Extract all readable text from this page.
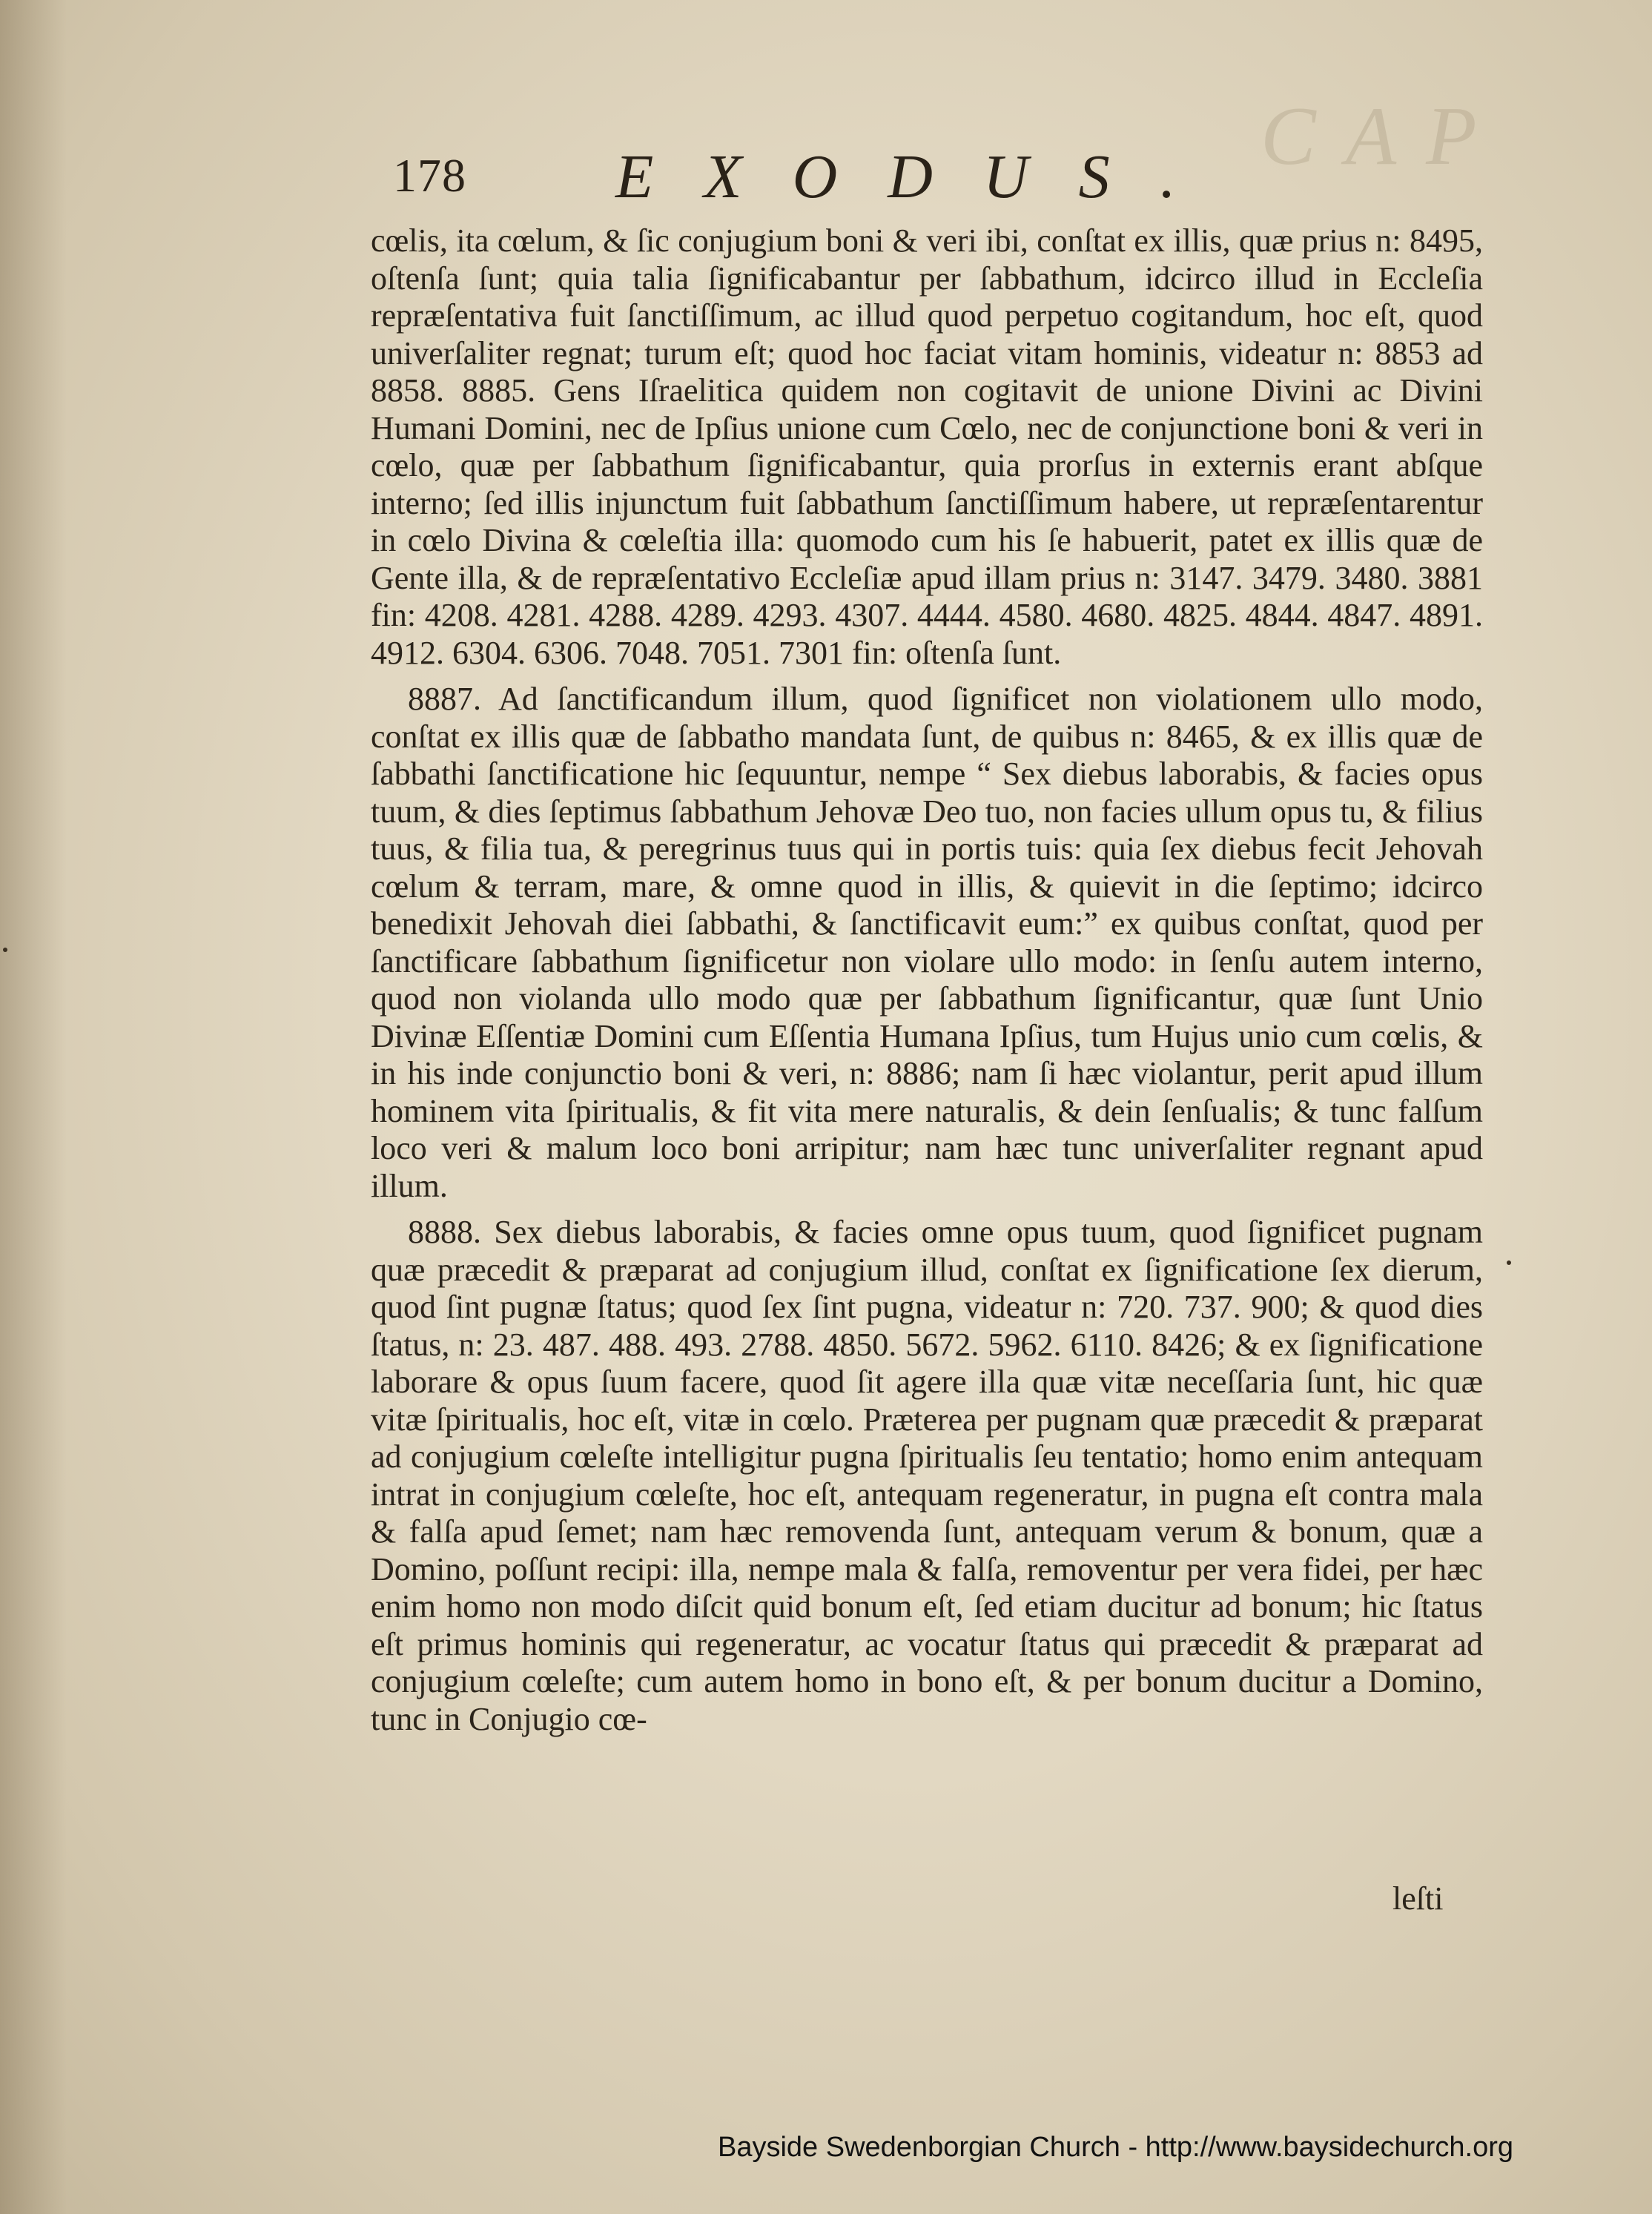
CAP
178 EXODUS.

cœlis, ita cœlum, & ſic conjugium boni & veri ibi, conſtat ex illis, quæ prius n: 8495, oſtenſa ſunt; quia talia ſignificabantur per ſabbathum, idcirco illud in Eccleſia repræſentativa fuit ſanctiſſimum, ac illud quod perpetuo cogitandum, hoc eſt, quod univerſaliter regnat; turum eſt; quod hoc faciat vitam hominis, videatur n: 8853 ad 8858. 8885. Gens Iſraelitica quidem non cogitavit de unione Divini ac Divini Humani Domini, nec de Ipſius unione cum Cœlo, nec de conjunctione boni & veri in cœlo, quæ per ſabbathum ſignificabantur, quia prorſus in externis erant abſque interno; ſed illis injunctum fuit ſabbathum ſanctiſſimum habere, ut repræſentarentur in cœlo Divina & cœleſtia illa: quomodo cum his ſe habuerit, patet ex illis quæ de Gente illa, & de repræſentativo Eccleſiæ apud illam prius n: 3147. 3479. 3480. 3881 fin: 4208. 4281. 4288. 4289. 4293. 4307. 4444. 4580. 4680. 4825. 4844. 4847. 4891. 4912. 6304. 6306. 7048. 7051. 7301 fin: oſtenſa ſunt.

8887. Ad ſanctificandum illum, quod ſignificet non violationem ullo modo, conſtat ex illis quæ de ſabbatho mandata ſunt, de quibus n: 8465, & ex illis quæ de ſabbathi ſanctificatione hic ſequuntur, nempe “ Sex diebus laborabis, & facies opus tuum, & dies ſeptimus ſabbathum Jehovæ Deo tuo, non facies ullum opus tu, & filius tuus, & filia tua, & peregrinus tuus qui in portis tuis: quia ſex diebus fecit Jehovah cœlum & terram, mare, & omne quod in illis, & quievit in die ſeptimo; idcirco benedixit Jehovah diei ſabbathi, & ſanctificavit eum:” ex quibus conſtat, quod per ſanctificare ſabbathum ſignificetur non violare ullo modo: in ſenſu autem interno, quod non violanda ullo modo quæ per ſabbathum ſignificantur, quæ ſunt Unio Divinæ Eſſentiæ Domini cum Eſſentia Humana Ipſius, tum Hujus unio cum cœlis, & in his inde conjunctio boni & veri, n: 8886; nam ſi hæc violantur, perit apud illum hominem vita ſpiritualis, & fit vita mere naturalis, & dein ſenſualis; & tunc falſum loco veri & malum loco boni arripitur; nam hæc tunc univerſaliter regnant apud illum.

8888. Sex diebus laborabis, & facies omne opus tuum, quod ſignificet pugnam quæ præcedit & præparat ad conjugium illud, conſtat ex ſignificatione ſex dierum, quod ſint pugnæ ſtatus; quod ſex ſint pugna, videatur n: 720. 737. 900; & quod dies ſtatus, n: 23. 487. 488. 493. 2788. 4850. 5672. 5962. 6110. 8426; & ex ſignificatione laborare & opus ſuum facere, quod ſit agere illa quæ vitæ neceſſaria ſunt, hic quæ vitæ ſpiritualis, hoc eſt, vitæ in cœlo. Præterea per pugnam quæ præcedit & præparat ad conjugium cœleſte intelligitur pugna ſpiritualis ſeu tentatio; homo enim antequam intrat in conjugium cœleſte, hoc eſt, antequam regeneratur, in pugna eſt contra mala & falſa apud ſemet; nam hæc removenda ſunt, antequam verum & bonum, quæ a Domino, poſſunt recipi: illa, nempe mala & falſa, removentur per vera fidei, per hæc enim homo non modo diſcit quid bonum eſt, ſed etiam ducitur ad bonum; hic ſtatus eſt primus hominis qui regeneratur, ac vocatur ſtatus qui præcedit & præparat ad conjugium cœleſte; cum autem homo in bono eſt, & per bonum ducitur a Domino, tunc in Conjugio cœ-

leſti
Bayside Swedenborgian Church - http://www.baysidechurch.org
